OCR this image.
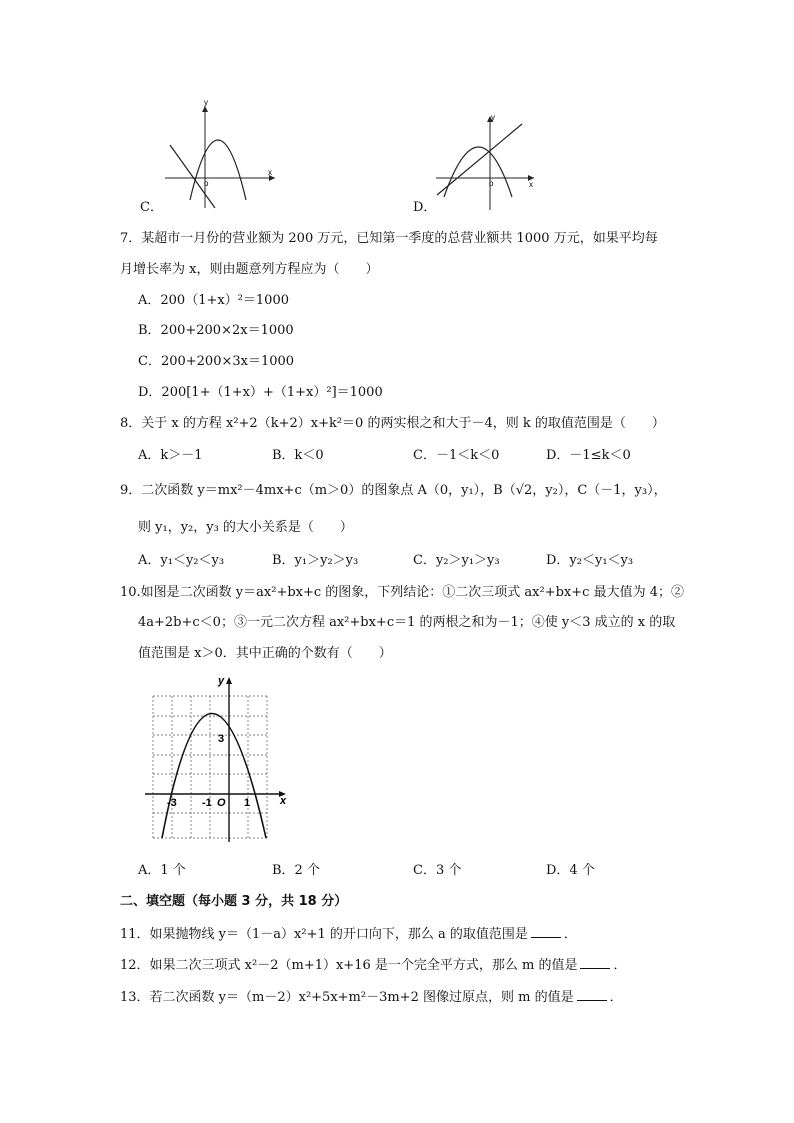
y
x
o
C．
y
x
o
D．
7．某超市一月份的营业额为 200 万元，已知第一季度的总营业额共 1000 万元，如果平均每
月增长率为 x，则由题意列方程应为（　　）
A．200（1+x）²＝1000
B．200+200×2x＝1000
C．200+200×3x＝1000
D．200[1+（1+x）+（1+x）²]＝1000
8．关于 x 的方程 x²+2（k+2）x+k²＝0 的两实根之和大于－4，则 k 的取值范围是（　　）
A．k＞－1	B．k＜0	C．－1＜k＜0	D．－1≤k＜0
9．二次函数 y＝mx²－4mx+c（m＞0）的图象点 A（0，y₁），B（√2，y₂），C（－1，y₃），
则 y₁，y₂，y₃ 的大小关系是（　　）
A．y₁＜y₂＜y₃	B．y₁＞y₂＞y₃	C．y₂＞y₁＞y₃	D．y₂＜y₁＜y₃
10.如图是二次函数 y＝ax²+bx+c 的图象，下列结论：①二次三项式 ax²+bx+c 最大值为 4；②
4a+2b+c＜0；③一元二次方程 ax²+bx+c＝1 的两根之和为－1；④使 y＜3 成立的 x 的取
值范围是 x＞0．其中正确的个数有（　　）
y
x
3
-3 -1 O 1
A．1 个	B．2 个	C．3 个	D．4 个
二、填空题（每小题 3 分，共 18 分）
11．如果抛物线 y＝（1－a）x²+1 的开口向下，那么 a 的取值范围是	．
12．如果二次三项式 x²－2（m+1）x+16 是一个完全平方式，那么 m 的值是	．
13．若二次函数 y＝（m－2）x²+5x+m²－3m+2 图像过原点，则 m 的值是	．
